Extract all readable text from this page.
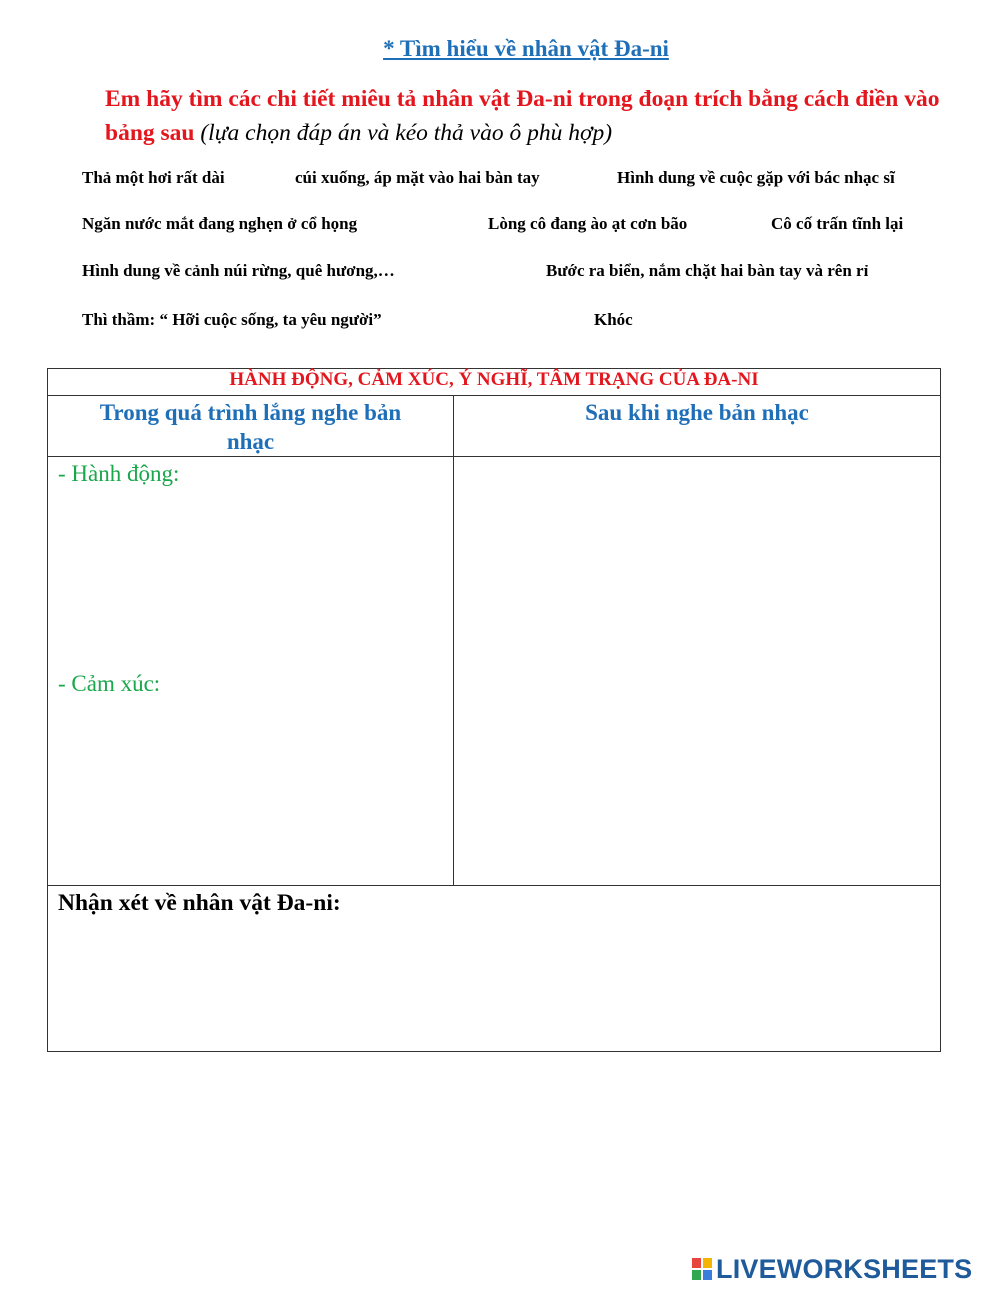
* Tìm hiểu về nhân vật Đa-ni
Em hãy tìm các chi tiết miêu tả nhân vật Đa-ni trong đoạn trích bằng cách điền vào bảng sau (lựa chọn đáp án và kéo thả vào ô phù hợp)
Thả một hơi rất dài	cúi xuống, áp mặt vào hai bàn tay	Hình dung về cuộc gặp với bác nhạc sĩ
Ngăn nước mắt đang nghẹn ở cổ họng	Lòng cô đang ào ạt cơn bão	Cô cố trấn tĩnh lại
Hình dung về cảnh núi rừng, quê hương,…	Bước ra biển, nắm chặt hai bàn tay và rên rỉ
Thì thầm: “ Hỡi cuộc sống, ta yêu người”	Khóc
HÀNH ĐỘNG, CẢM XÚC, Ý NGHĨ, TÂM TRẠNG CỦA ĐA-NI	

Trong quá trình lắng nghe bản nhạc	Sau khi nghe bản nhạc

- Hành động:
- Cảm xúc:	

Nhận xét về nhân vật Đa-ni:	
LIVEWORKSHEETS
